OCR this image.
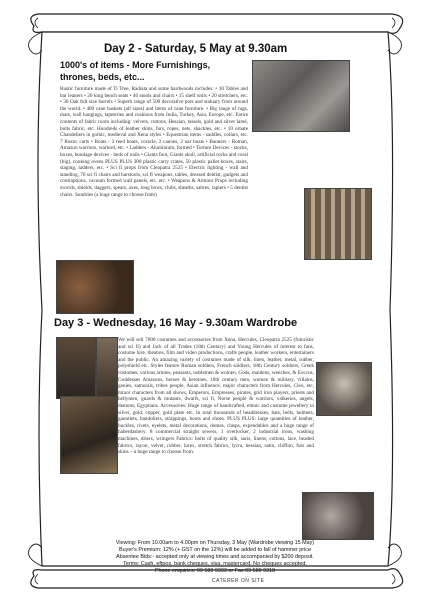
Day 2 - Saturday, 5 May at 9.30am
1000's of items - More Furnishings, thrones, beds, etc...
Rustic furniture made of Ti Tree, Radiata and some hardwoods includes: • 30 Tables and bar leaners • 20 long bench seats • 40 stools and chairs • 15 shelf units • 20 stretchers, etc. • 30 Oak full size barrels • Superb range of 500 decorative pots and statuary from around the world. • 400 cane baskets (all sizes) and items of cane furniture. • Big range of rugs, mats, wall hangings, tapestries and cushions from India, Turkey, Asia, Europe, etc. Entire contents of fabric room including: velvets, cottons, Hessian, tassels, gold and silver lamé, bolts fabric, etc. Hundreds of leather skins, furs, ropes, nets, shackles, etc. • 10 ornate Chandeliers in gothic, medieval and Xena styles • Equestrian items - saddles, collars, etc. 7 Rustic carts • Boats - 3 reed boats, coracle, 2 canoes, 2 oar boats • Banners - Roman, Amazon warriors, warlord, etc. • Ladders - Aluminium, formed • Torture Devices - stocks, boxes, bondage devices - beds of nails • Giants foot, Giants skull, artificial rocks and coral (big), cooking ovens PLUS PLUS 300 plastic carry crates, 50 plastic pallet boxes, stairs, staging, ladders, etc. • Sci fi props from Cleopatra 2525 • Electric lighting - wall and standing, 70 sci fi chairs and barstools, sci fi weapons, tables, dressed dentist, gadgets and contraptions, vacuum formed wall panels, etc. etc. • Weapons & Armour Props including swords, shields, daggers, spears, axes, long bows, clubs, sheaths, sabres, rapiers • 5 dentist chairs. Sundries (a huge range to choose from)
Day 3 - Wednesday, 16 May - 9.30am Wardrobe
We will sell 7000 costumes and accessories from Xena, Hercules, Cleopatra 2525 (futuristic and sci fi) and Jack of all Trades (18th Century) and Young Hercules of interest to fans, costume hire, theatres, film and video productions, crafts people, leather workers, entertainers and the public. An amazing variety of costumes made of silk, linen, leather, metal, rubber, polyshield etc. Styles feature Roman soldiers, French soldiers, 18th Century soldiers, Greek costumes, various armies, peasants, noblemen & women, Gods, maidens, wenches, & Eoccus, Goddesses Amazons, heroes & heroines, 18th century men, women & military, villains, genies, samurais, tribes people, Asian influence, major characters from Hercules, Cleo, etc, minor characters from all shows, Emperors, Empresses, pirates, grid iron players, priests and hellymen, guards & mutants, dwarfs, sci fi, Norse people & warriors, valkeries, angels, demons, Egyptians. Accessories: Huge range of handcrafted, ethnic and costume jewellery in silver, gold, copper, gold plate etc. In total thousands of headdresses, hats, belts, helmets, gauntlets, bandoliers, strappings, boots and shoes. PLUS PLUS: large quantities of leather, buckles, rivets, eyelets, metal decorations, domes, clasps, expendables and a huge range of haberdashery. 8 commercial straight sewers, 1 overlocker, 2 industrial irons, washing machines, driers, wringers Fabrics: bolts of quality silk, saris, linens, cottons, lace, beaded fabrics, rayon, velvet, rubber, lurex, stretch fabrics, lycra, hessian, satin, chiffon, furs and skins – a huge range to choose from.
Viewing: From 10.00am to 4.00pm on Thursday, 3 May (Wardrobe viewing 15 May)
Buyer's Premium: 12% (+ GST on the 12%) will be added to fall of hammer price
Absentee Bids:- accepted only at viewing times and accompanied by $200 deposit.
Terms: Cash, eftpos, bank cheques, visa, mastercard. No cheques accepted.
Phone enquiries: 09 580 9333 or Fax 09 580 9318
CATERER ON SITE
